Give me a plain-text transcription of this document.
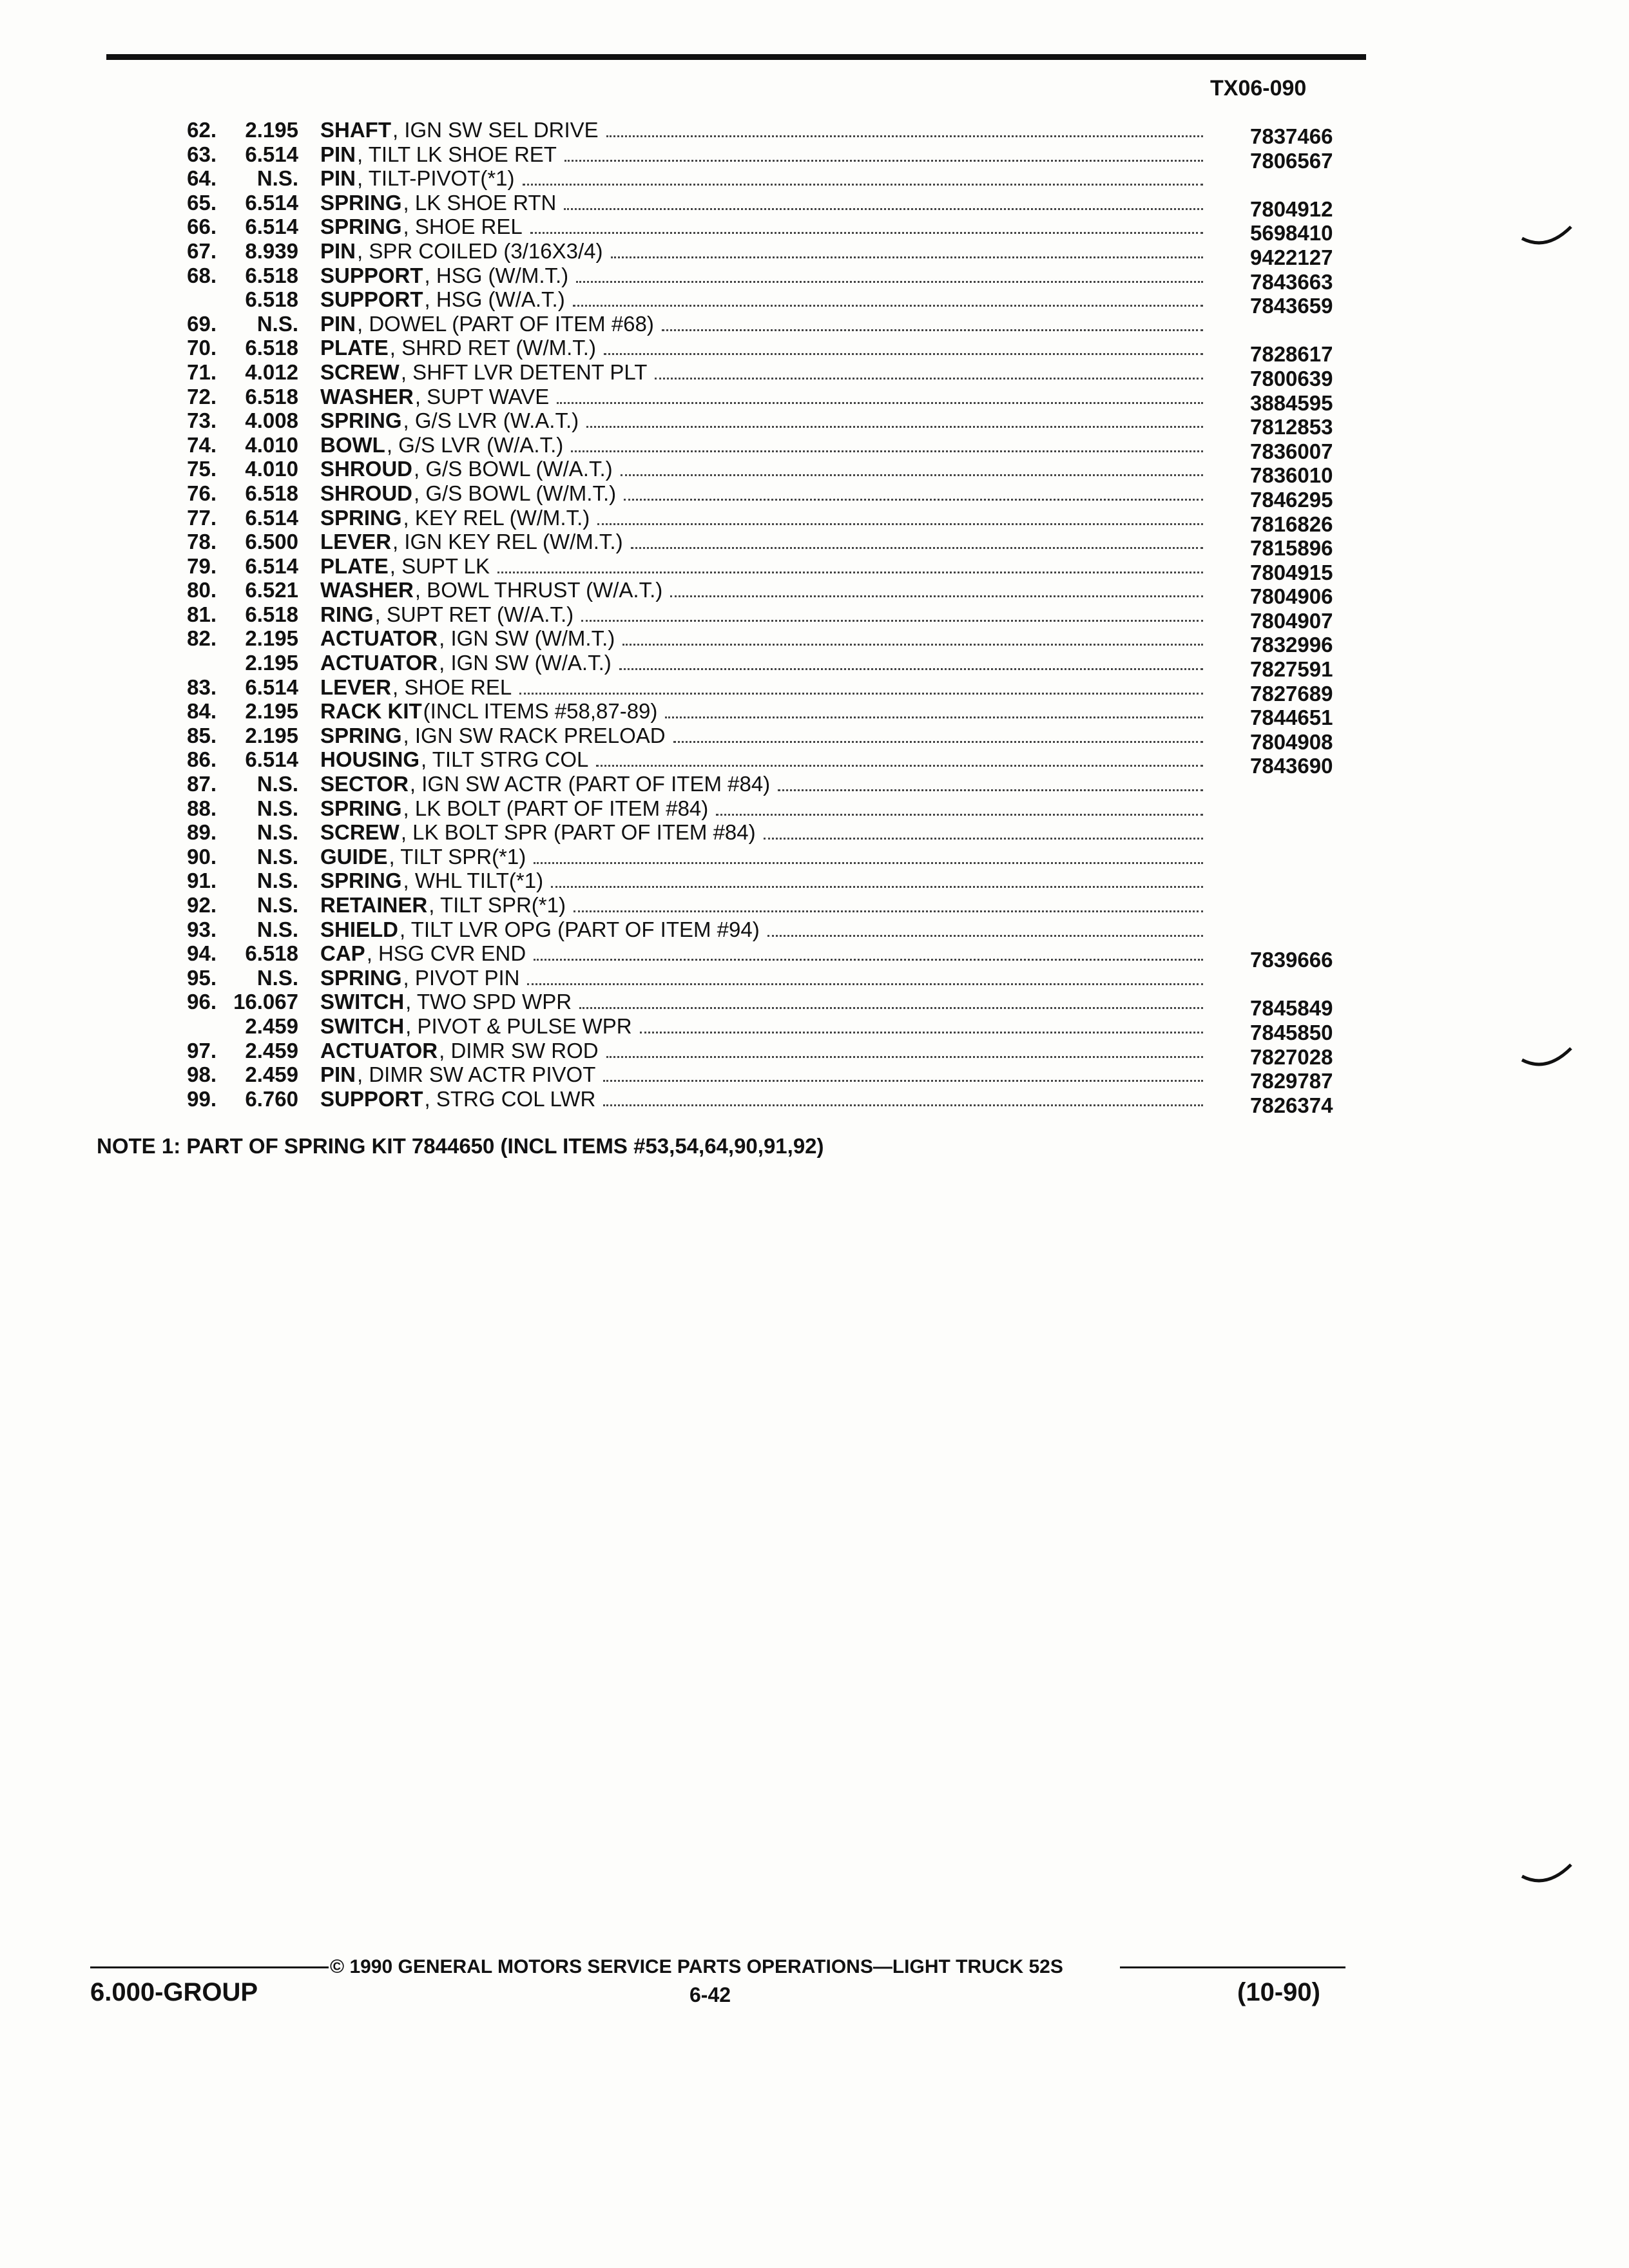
TX06-090
62. 2.195 SHAFT , IGN SW SEL DRIVE	7837466
63. 6.514 PIN , TILT LK SHOE RET	7806567
64. N.S. PIN , TILT-PIVOT(*1)
65. 6.514 SPRING , LK SHOE RTN	7804912
66. 6.514 SPRING , SHOE REL	5698410
67. 8.939 PIN , SPR COILED (3/16X3/4)	9422127
68. 6.518 SUPPORT , HSG (W/M.T.)	7843663
6.518 SUPPORT , HSG (W/A.T.)	7843659
69. N.S. PIN , DOWEL (PART OF ITEM #68)
70. 6.518 PLATE , SHRD RET (W/M.T.)	7828617
71. 4.012 SCREW , SHFT LVR DETENT PLT	7800639
72. 6.518 WASHER , SUPT WAVE	3884595
73. 4.008 SPRING , G/S LVR (W.A.T.)	7812853
74. 4.010 BOWL , G/S LVR (W/A.T.)	7836007
75. 4.010 SHROUD , G/S BOWL (W/A.T.)	7836010
76. 6.518 SHROUD , G/S BOWL (W/M.T.)	7846295
77. 6.514 SPRING , KEY REL (W/M.T.)	7816826
78. 6.500 LEVER , IGN KEY REL (W/M.T.)	7815896
79. 6.514 PLATE , SUPT LK	7804915
80. 6.521 WASHER , BOWL THRUST (W/A.T.)	7804906
81. 6.518 RING , SUPT RET (W/A.T.)	7804907
82. 2.195 ACTUATOR , IGN SW (W/M.T.)	7832996
2.195 ACTUATOR , IGN SW (W/A.T.)	7827591
83. 6.514 LEVER , SHOE REL	7827689
84. 2.195 RACK KIT (INCL ITEMS #58,87-89)	7844651
85. 2.195 SPRING , IGN SW RACK PRELOAD	7804908
86. 6.514 HOUSING , TILT STRG COL	7843690
87. N.S. SECTOR , IGN SW ACTR (PART OF ITEM #84)
88. N.S. SPRING , LK BOLT (PART OF ITEM #84)
89. N.S. SCREW , LK BOLT SPR (PART OF ITEM #84)
90. N.S. GUIDE , TILT SPR(*1)
91. N.S. SPRING , WHL TILT(*1)
92. N.S. RETAINER , TILT SPR(*1)
93. N.S. SHIELD , TILT LVR OPG (PART OF ITEM #94)
94. 6.518 CAP , HSG CVR END	7839666
95. N.S. SPRING , PIVOT PIN
96. 16.067 SWITCH , TWO SPD WPR	7845849
2.459 SWITCH , PIVOT & PULSE WPR	7845850
97. 2.459 ACTUATOR , DIMR SW ROD	7827028
98. 2.459 PIN , DIMR SW ACTR PIVOT	7829787
99. 6.760 SUPPORT , STRG COL LWR	7826374
NOTE 1: PART OF SPRING KIT 7844650 (INCL ITEMS #53,54,64,90,91,92)
© 1990 GENERAL MOTORS SERVICE PARTS OPERATIONS—LIGHT TRUCK 52S
6.000-GROUP	6-42	(10-90)
